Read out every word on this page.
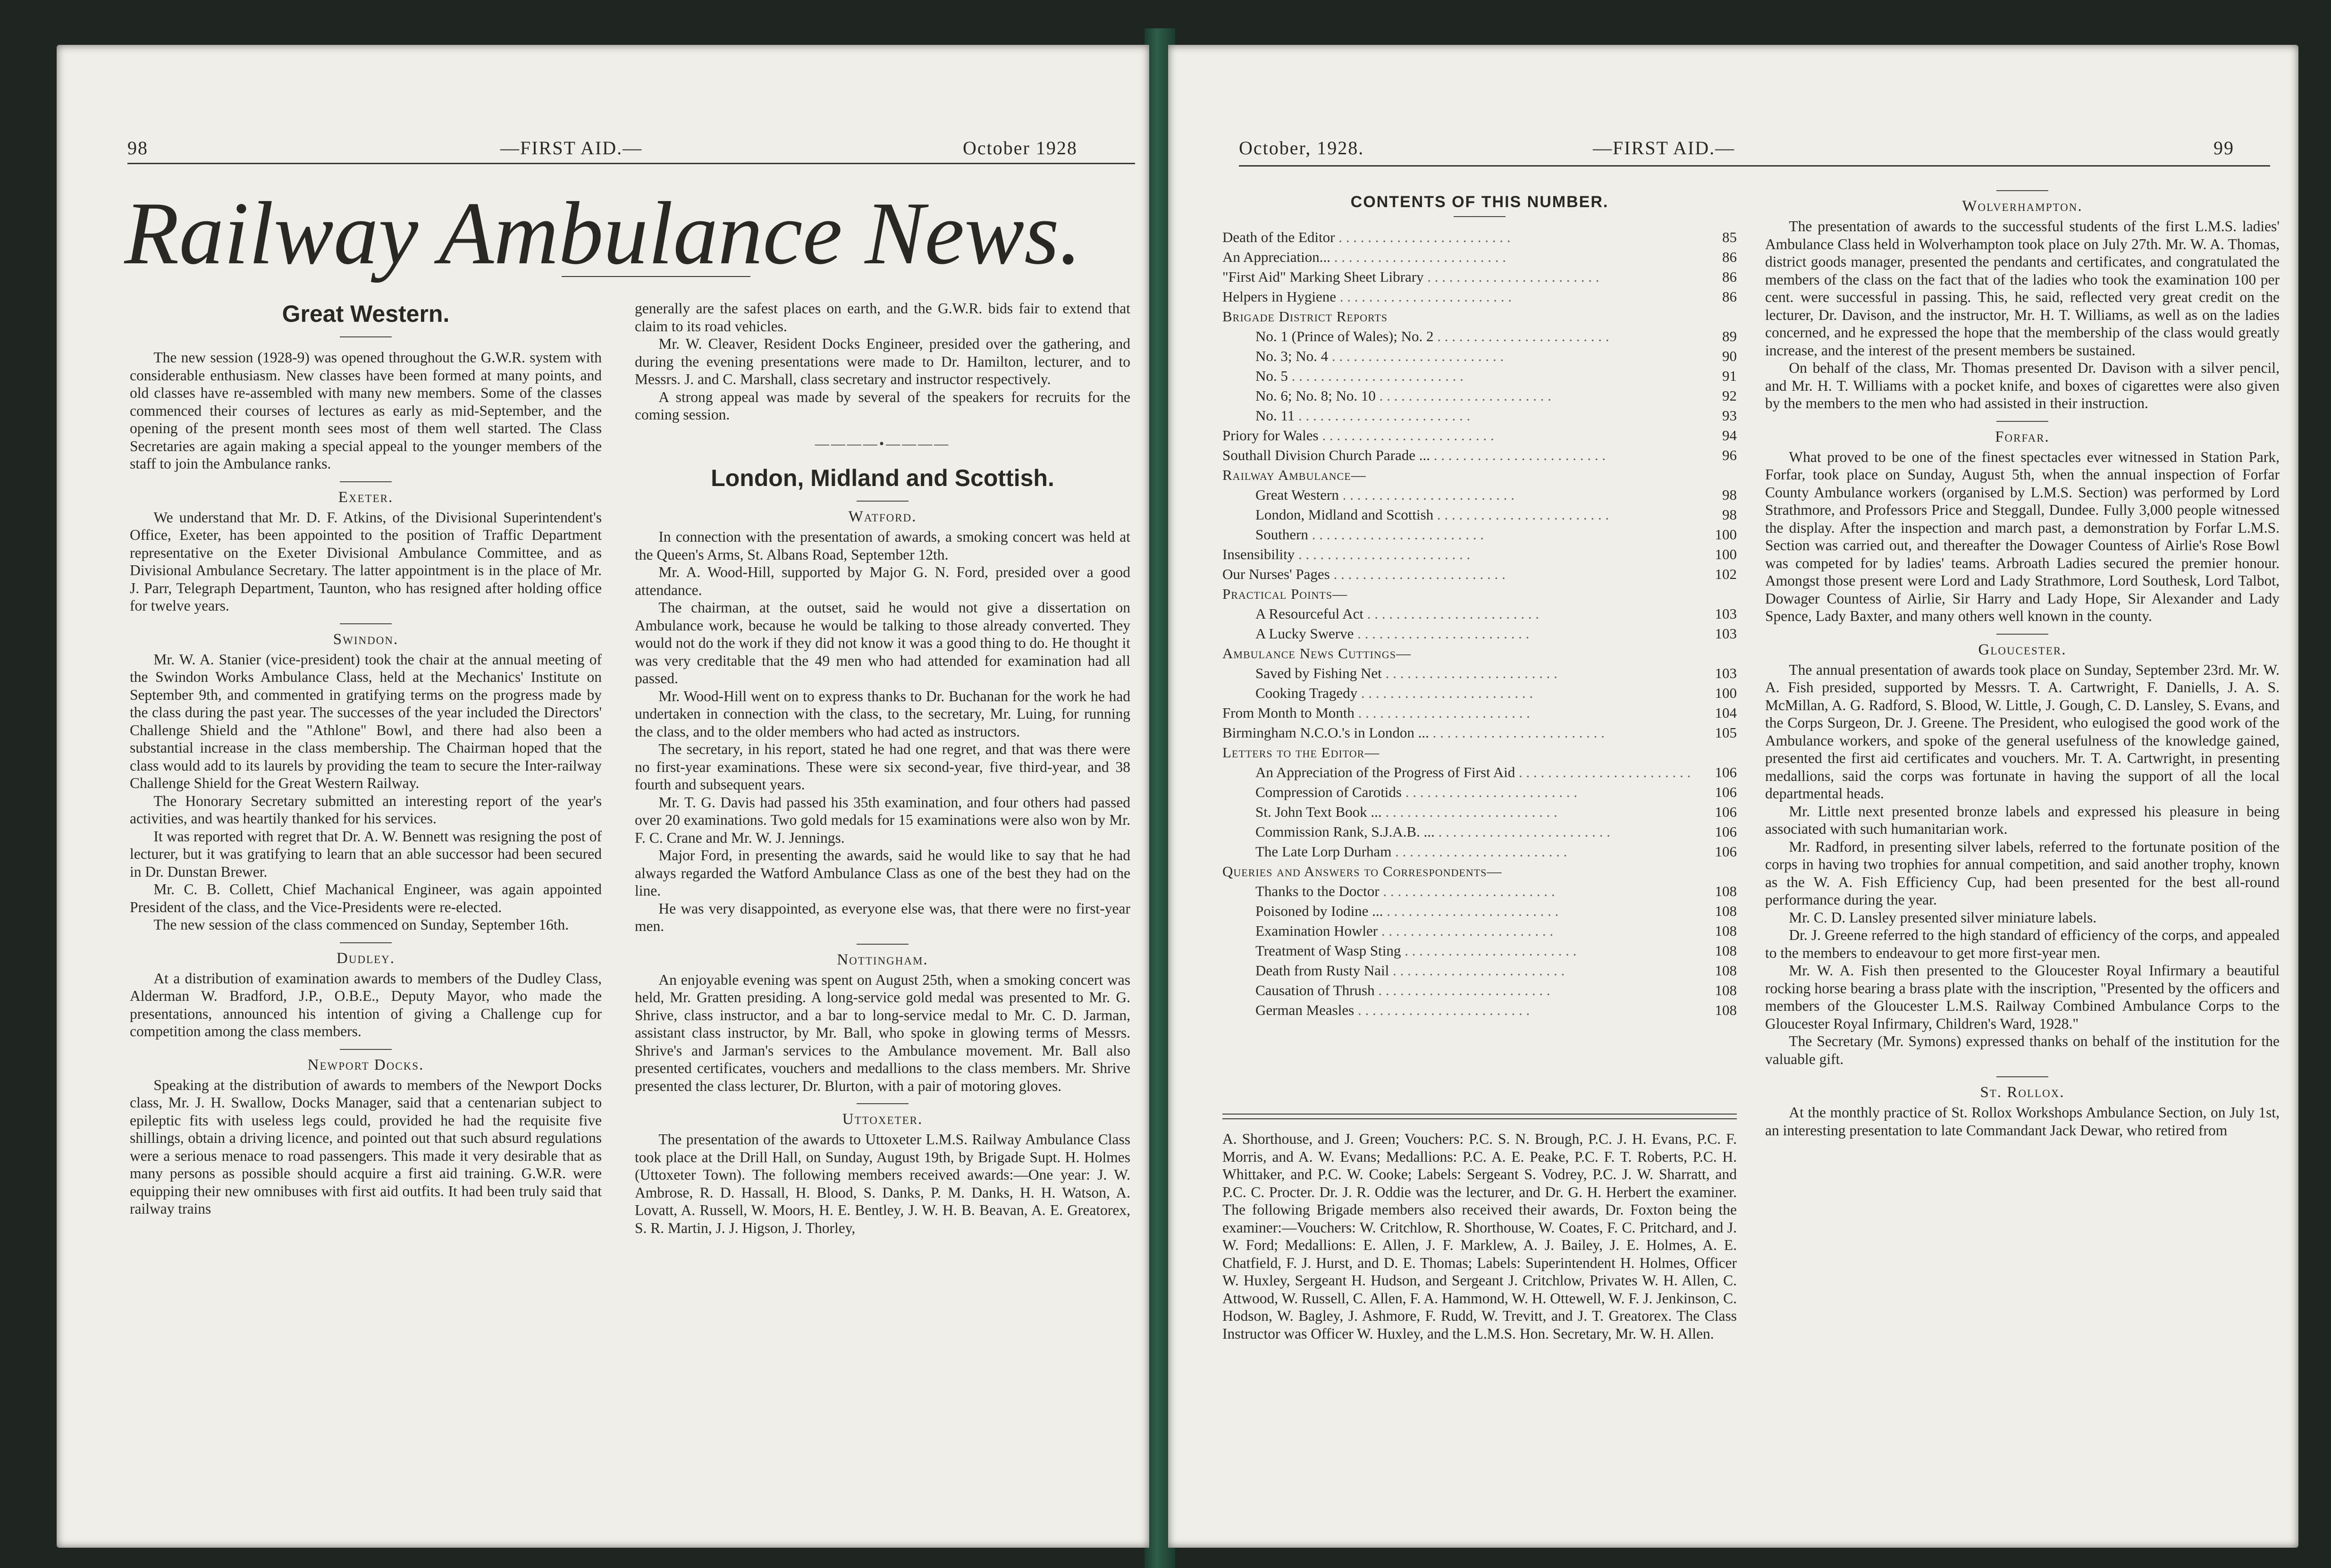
98	—FIRST AID.—	October 1928
Railway Ambulance News.
Great Western.

The new session (1928-9) was opened throughout the G.W.R. system with considerable enthusiasm. New classes have been formed at many points, and old classes have re-assembled with many new members. Some of the classes commenced their courses of lectures as early as mid-September, and the opening of the present month sees most of them well started. The Class Secretaries are again making a special appeal to the younger members of the staff to join the Ambulance ranks.

Exeter.

We understand that Mr. D. F. Atkins, of the Divisional Superintendent's Office, Exeter, has been appointed to the position of Traffic Department representative on the Exeter Divisional Ambulance Committee, and as Divisional Ambulance Secretary. The latter appointment is in the place of Mr. J. Parr, Telegraph Department, Taunton, who has resigned after holding office for twelve years.

Swindon.

Mr. W. A. Stanier (vice-president) took the chair at the annual meeting of the Swindon Works Ambulance Class, held at the Mechanics' Institute on September 9th, and commented in gratifying terms on the progress made by the class during the past year. The successes of the year included the Directors' Challenge Shield and the "Athlone" Bowl, and there had also been a substantial increase in the class membership. The Chairman hoped that the class would add to its laurels by providing the team to secure the Inter-railway Challenge Shield for the Great Western Railway.

The Honorary Secretary submitted an interesting report of the year's activities, and was heartily thanked for his services.

It was reported with regret that Dr. A. W. Bennett was resigning the post of lecturer, but it was gratifying to learn that an able successor had been secured in Dr. Dunstan Brewer.

Mr. C. B. Collett, Chief Machanical Engineer, was again appointed President of the class, and the Vice-Presidents were re-elected.

The new session of the class commenced on Sunday, September 16th.

Dudley.

At a distribution of examination awards to members of the Dudley Class, Alderman W. Bradford, J.P., O.B.E., Deputy Mayor, who made the presentations, announced his intention of giving a Challenge cup for competition among the class members.

Newport Docks.

Speaking at the distribution of awards to members of the Newport Docks class, Mr. J. H. Swallow, Docks Manager, said that a centenarian subject to epileptic fits with useless legs could, provided he had the requisite five shillings, obtain a driving licence, and pointed out that such absurd regulations were a serious menace to road passengers. This made it very desirable that as many persons as possible should acquire a first aid training. G.W.R. were equipping their new omnibuses with first aid outfits. It had been truly said that railway trains

generally are the safest places on earth, and the G.W.R. bids fair to extend that claim to its road vehicles.

Mr. W. Cleaver, Resident Docks Engineer, presided over the gathering, and during the evening presentations were made to Dr. Hamilton, lecturer, and to Messrs. J. and C. Marshall, class secretary and instructor respectively.

A strong appeal was made by several of the speakers for recruits for the coming session.

————•————
London, Midland and Scottish.
Watford.

In connection with the presentation of awards, a smoking concert was held at the Queen's Arms, St. Albans Road, September 12th.

Mr. A. Wood-Hill, supported by Major G. N. Ford, presided over a good attendance.

The chairman, at the outset, said he would not give a dissertation on Ambulance work, because he would be talking to those already converted. They would not do the work if they did not know it was a good thing to do. He thought it was very creditable that the 49 men who had attended for examination had all passed.

Mr. Wood-Hill went on to express thanks to Dr. Buchanan for the work he had undertaken in connection with the class, to the secretary, Mr. Luing, for running the class, and to the older members who had acted as instructors.

The secretary, in his report, stated he had one regret, and that was there were no first-year examinations. These were six second-year, five third-year, and 38 fourth and subsequent years.

Mr. T. G. Davis had passed his 35th examination, and four others had passed over 20 examinations. Two gold medals for 15 examinations were also won by Mr. F. C. Crane and Mr. W. J. Jennings.

Major Ford, in presenting the awards, said he would like to say that he had always regarded the Watford Ambulance Class as one of the best they had on the line.

He was very disappointed, as everyone else was, that there were no first-year men.

Nottingham.

An enjoyable evening was spent on August 25th, when a smoking concert was held, Mr. Gratten presiding. A long-service gold medal was presented to Mr. G. Shrive, class instructor, and a bar to long-service medal to Mr. C. D. Jarman, assistant class instructor, by Mr. Ball, who spoke in glowing terms of Messrs. Shrive's and Jarman's services to the Ambulance movement. Mr. Ball also presented certificates, vouchers and medallions to the class members. Mr. Shrive presented the class lecturer, Dr. Blurton, with a pair of motoring gloves.

Uttoxeter.

The presentation of the awards to Uttoxeter L.M.S. Railway Ambulance Class took place at the Drill Hall, on Sunday, August 19th, by Brigade Supt. H. Holmes (Uttoxeter Town). The following members received awards:—One year: J. W. Ambrose, R. D. Hassall, H. Blood, S. Danks, P. M. Danks, H. H. Watson, A. Lovatt, A. Russell, W. Moors, H. E. Bentley, J. W. H. B. Beavan, A. E. Greatorex, S. R. Martin, J. J. Higson, J. Thorley,

October, 1928.	—FIRST AID.—	99
CONTENTS OF THIS NUMBER.
Death of the Editor . .	85
An Appreciation... . .	86
"First Aid" Marking Sheet Library . .	86
Helpers in Hygiene . .	86
Brigade District Reports
No. 1 (Prince of Wales); No. 2 . .	89
No. 3; No. 4 . .	90
No. 5 . .	91
No. 6; No. 8; No. 10 . .	92
No. 11 . .	93
Priory for Wales . .	94
Southall Division Church Parade ... . .	96
Railway Ambulance—
Great Western . .	98
London, Midland and Scottish . .	98
Southern . .	100
Insensibility . .	100
Our Nurses' Pages . .	102
Practical Points—
A Resourceful Act . .	103
A Lucky Swerve . .	103
Ambulance News Cuttings—
Saved by Fishing Net . .	103
Cooking Tragedy . .	100
From Month to Month . .	104
Birmingham N.C.O.'s in London ... . .	105
Letters to the Editor—
An Appreciation of the Progress of First Aid . .	106
Compression of Carotids . .	106
St. John Text Book ... . .	106
Commission Rank, S.J.A.B. ... . .	106
The Late Lorp Durham . .	106
Queries and Answers to Correspondents—
Thanks to the Doctor . .	108
Poisoned by Iodine ... . .	108
Examination Howler . .	108
Treatment of Wasp Sting . .	108
Death from Rusty Nail . .	108
Causation of Thrush . .	108
German Measles . .	108

A. Shorthouse, and J. Green; Vouchers: P.C. S. N. Brough, P.C. J. H. Evans, P.C. F. Morris, and A. W. Evans; Medallions: P.C. A. E. Peake, P.C. F. T. Roberts, P.C. H. Whittaker, and P.C. W. Cooke; Labels: Sergeant S. Vodrey, P.C. J. W. Sharratt, and P.C. C. Procter. Dr. J. R. Oddie was the lecturer, and Dr. G. H. Herbert the examiner. The following Brigade members also received their awards, Dr. Foxton being the examiner:—Vouchers: W. Critchlow, R. Shorthouse, W. Coates, F. C. Pritchard, and J. W. Ford; Medallions: E. Allen, J. F. Marklew, A. J. Bailey, J. E. Holmes, A. E. Chatfield, F. J. Hurst, and D. E. Thomas; Labels: Superintendent H. Holmes, Officer W. Huxley, Sergeant H. Hudson, and Sergeant J. Critchlow, Privates W. H. Allen, C. Attwood, W. Russell, C. Allen, F. A. Hammond, W. H. Ottewell, W. F. J. Jenkinson, C. Hodson, W. Bagley, J. Ashmore, F. Rudd, W. Trevitt, and J. T. Greatorex. The Class Instructor was Officer W. Huxley, and the L.M.S. Hon. Secretary, Mr. W. H. Allen.

Wolverhampton.

The presentation of awards to the successful students of the first L.M.S. ladies' Ambulance Class held in Wolverhampton took place on July 27th. Mr. W. A. Thomas, district goods manager, presented the pendants and certificates, and congratulated the members of the class on the fact that of the ladies who took the examination 100 per cent. were successful in passing. This, he said, reflected very great credit on the lecturer, Dr. Davison, and the instructor, Mr. H. T. Williams, as well as on the ladies concerned, and he expressed the hope that the membership of the class would greatly increase, and the interest of the present members be sustained.

On behalf of the class, Mr. Thomas presented Dr. Davison with a silver pencil, and Mr. H. T. Williams with a pocket knife, and boxes of cigarettes were also given by the members to the men who had assisted in their instruction.

Forfar.

What proved to be one of the finest spectacles ever witnessed in Station Park, Forfar, took place on Sunday, August 5th, when the annual inspection of Forfar County Ambulance workers (organised by L.M.S. Section) was performed by Lord Strathmore, and Professors Price and Steggall, Dundee. Fully 3,000 people witnessed the display. After the inspection and march past, a demonstration by Forfar L.M.S. Section was carried out, and thereafter the Dowager Countess of Airlie's Rose Bowl was competed for by ladies' teams. Arbroath Ladies secured the premier honour. Amongst those present were Lord and Lady Strathmore, Lord Southesk, Lord Talbot, Dowager Countess of Airlie, Sir Harry and Lady Hope, Sir Alexander and Lady Spence, Lady Baxter, and many others well known in the county.

Gloucester.

The annual presentation of awards took place on Sunday, September 23rd. Mr. W. A. Fish presided, supported by Messrs. T. A. Cartwright, F. Daniells, J. A. S. McMillan, A. G. Radford, S. Blood, W. Little, J. Gough, C. D. Lansley, S. Evans, and the Corps Surgeon, Dr. J. Greene. The President, who eulogised the good work of the Ambulance workers, and spoke of the general usefulness of the knowledge gained, presented the first aid certificates and vouchers. Mr. T. A. Cartwright, in presenting medallions, said the corps was fortunate in having the support of all the local departmental heads.

Mr. Little next presented bronze labels and expressed his pleasure in being associated with such humanitarian work.

Mr. Radford, in presenting silver labels, referred to the fortunate position of the corps in having two trophies for annual competition, and said another trophy, known as the W. A. Fish Efficiency Cup, had been presented for the best all-round performance during the year.

Mr. C. D. Lansley presented silver miniature labels.

Dr. J. Greene referred to the high standard of efficiency of the corps, and appealed to the members to endeavour to get more first-year men.

Mr. W. A. Fish then presented to the Gloucester Royal Infirmary a beautiful rocking horse bearing a brass plate with the inscription, "Presented by the officers and members of the Gloucester L.M.S. Railway Combined Ambulance Corps to the Gloucester Royal Infirmary, Children's Ward, 1928."

The Secretary (Mr. Symons) expressed thanks on behalf of the institution for the valuable gift.

St. Rollox.

At the monthly practice of St. Rollox Workshops Ambulance Section, on July 1st, an interesting presentation to late Commandant Jack Dewar, who retired from
